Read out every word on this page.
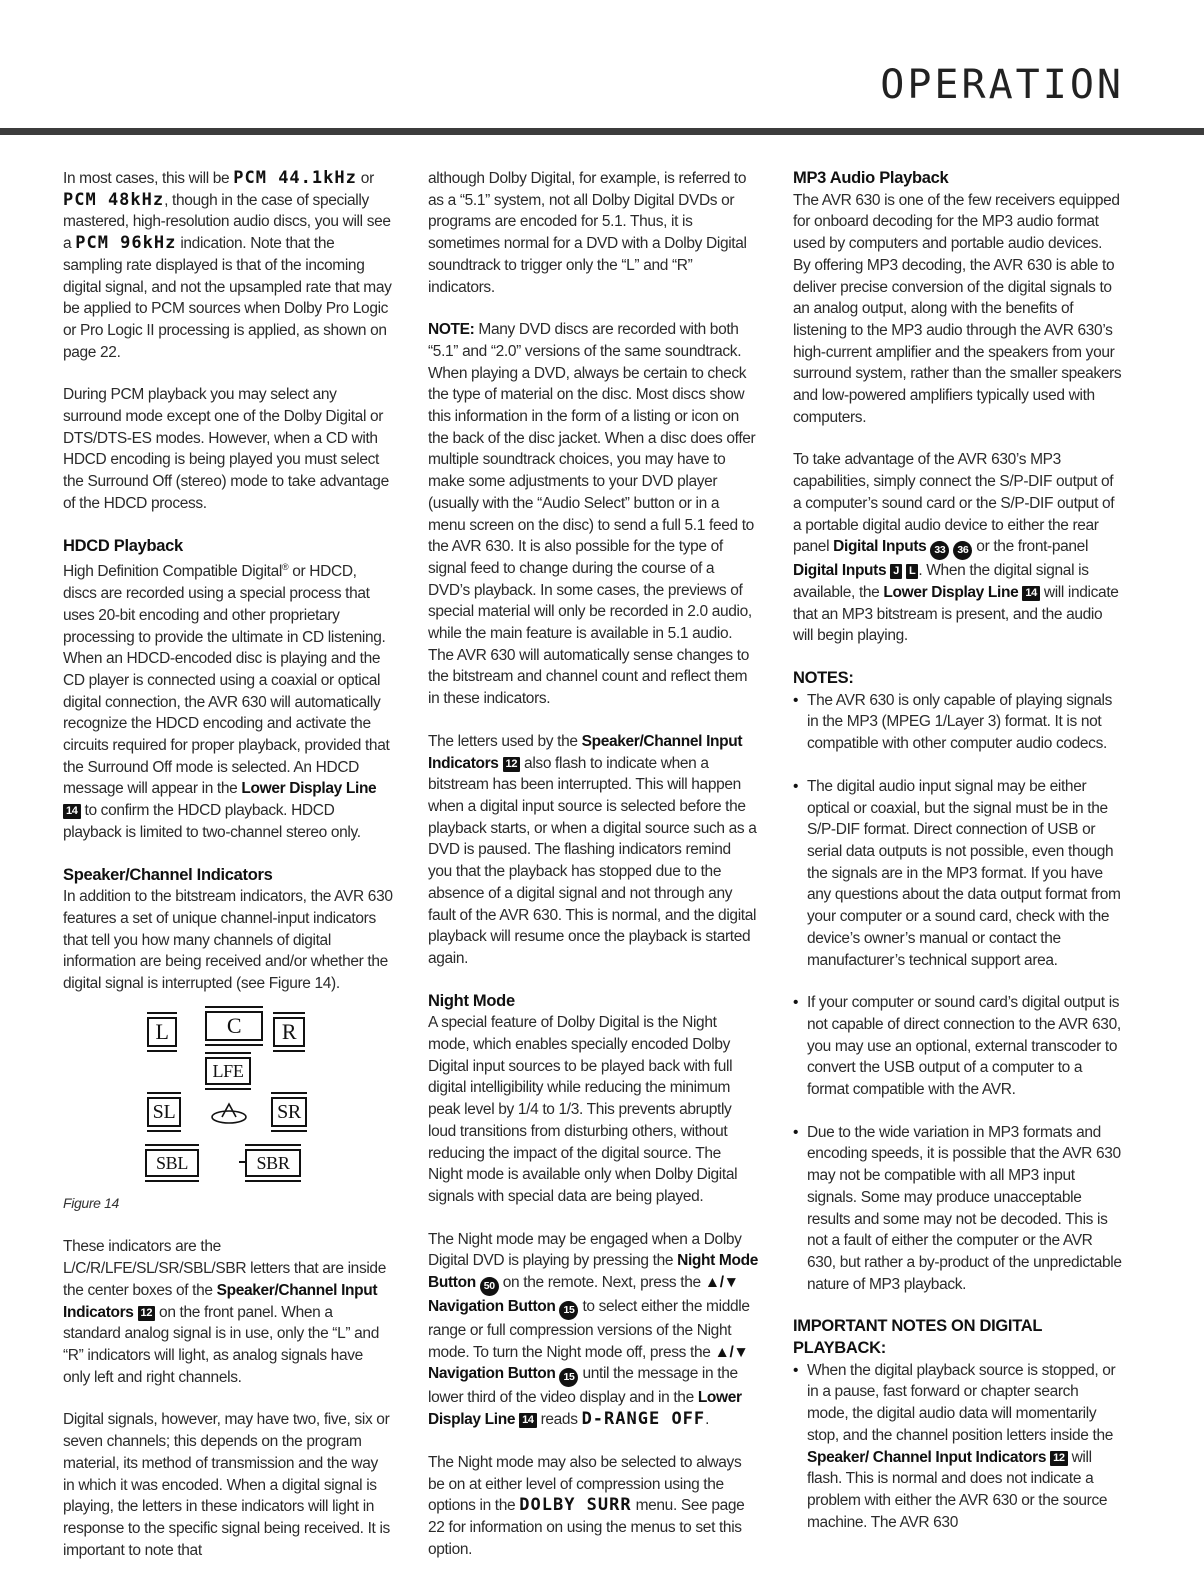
OPERATION

In most cases, this will be PCM 44.1kHz or PCM 48kHz, though in the case of specially mastered, high-resolution audio discs, you will see a PCM 96kHz indication. Note that the sampling rate displayed is that of the incoming digital signal, and not the upsampled rate that may be applied to PCM sources when Dolby Pro Logic or Pro Logic II processing is applied, as shown on page 22.

During PCM playback you may select any surround mode except one of the Dolby Digital or DTS/DTS-ES modes. However, when a CD with HDCD encoding is being played you must select the Surround Off (stereo) mode to take advantage of the HDCD process.

HDCD Playback

High Definition Compatible Digital® or HDCD, discs are recorded using a special process that uses 20-bit encoding and other proprietary processing to provide the ultimate in CD listening. When an HDCD-encoded disc is playing and the CD player is connected using a coaxial or optical digital connection, the AVR 630 will automatically recognize the HDCD encoding and activate the circuits required for proper playback, provided that the Surround Off mode is selected. An HDCD message will appear in the Lower Display Line 14 to confirm the HDCD playback. HDCD playback is limited to two-channel stereo only.

Speaker/Channel Indicators

In addition to the bitstream indicators, the AVR 630 features a set of unique channel-input indicators that tell you how many channels of digital information are being received and/or whether the digital signal is interrupted (see Figure 14).

L	C	R
LFE
SL	SR
SBL	SBR
Figure 14

These indicators are the L/C/R/LFE/SL/SR/SBL/SBR letters that are inside the center boxes of the Speaker/Channel Input Indicators 12 on the front panel. When a standard analog signal is in use, only the “L” and “R” indicators will light, as analog signals have only left and right channels.

Digital signals, however, may have two, five, six or seven channels; this depends on the program material, its method of transmission and the way in which it was encoded. When a digital signal is playing, the letters in these indicators will light in response to the specific signal being received. It is important to note that

although Dolby Digital, for example, is referred to as a “5.1” system, not all Dolby Digital DVDs or programs are encoded for 5.1. Thus, it is sometimes normal for a DVD with a Dolby Digital soundtrack to trigger only the “L” and “R” indicators.

NOTE: Many DVD discs are recorded with both “5.1” and “2.0” versions of the same soundtrack. When playing a DVD, always be certain to check the type of material on the disc. Most discs show this information in the form of a listing or icon on the back of the disc jacket. When a disc does offer multiple soundtrack choices, you may have to make some adjustments to your DVD player (usually with the “Audio Select” button or in a menu screen on the disc) to send a full 5.1 feed to the AVR 630. It is also possible for the type of signal feed to change during the course of a DVD’s playback. In some cases, the previews of special material will only be recorded in 2.0 audio, while the main feature is available in 5.1 audio. The AVR 630 will automatically sense changes to the bitstream and channel count and reflect them in these indicators.

The letters used by the Speaker/Channel Input Indicators 12 also flash to indicate when a bitstream has been interrupted. This will happen when a digital input source is selected before the playback starts, or when a digital source such as a DVD is paused. The flashing indicators remind you that the playback has stopped due to the absence of a digital signal and not through any fault of the AVR 630. This is normal, and the digital playback will resume once the playback is started again.

Night Mode

A special feature of Dolby Digital is the Night mode, which enables specially encoded Dolby Digital input sources to be played back with full digital intelligibility while reducing the minimum peak level by 1/4 to 1/3. This prevents abruptly loud transitions from disturbing others, without reducing the impact of the digital source. The Night mode is available only when Dolby Digital signals with special data are being played.

The Night mode may be engaged when a Dolby Digital DVD is playing by pressing the Night Mode Button 50 on the remote. Next, press the ▲/▼ Navigation Button 15 to select either the middle range or full compression versions of the Night mode. To turn the Night mode off, press the ▲/▼ Navigation Button 15 until the message in the lower third of the video display and in the Lower Display Line 14 reads D-RANGE OFF.

The Night mode may also be selected to always be on at either level of compression using the options in the DOLBY SURR menu. See page 22 for information on using the menus to set this option.

MP3 Audio Playback

The AVR 630 is one of the few receivers equipped for onboard decoding for the MP3 audio format used by computers and portable audio devices. By offering MP3 decoding, the AVR 630 is able to deliver precise conversion of the digital signals to an analog output, along with the benefits of listening to the MP3 audio through the AVR 630’s high-current amplifier and the speakers from your surround system, rather than the smaller speakers and low-powered amplifiers typically used with computers.

To take advantage of the AVR 630’s MP3 capabilities, simply connect the S/P-DIF output of a computer’s sound card or the S/P-DIF output of a portable digital audio device to either the rear panel Digital Inputs 33 36 or the front-panel Digital Inputs J L . When the digital signal is available, the Lower Display Line 14 will indicate that an MP3 bitstream is present, and the audio will begin playing.

NOTES:
• The AVR 630 is only capable of playing signals in the MP3 (MPEG 1/Layer 3) format. It is not compatible with other computer audio codecs.
• The digital audio input signal may be either optical or coaxial, but the signal must be in the S/P-DIF format. Direct connection of USB or serial data outputs is not possible, even though the signals are in the MP3 format. If you have any questions about the data output format from your computer or a sound card, check with the device’s owner’s manual or contact the manufacturer’s technical support area.
• If your computer or sound card’s digital output is not capable of direct connection to the AVR 630, you may use an optional, external transcoder to convert the USB output of a computer to a format compatible with the AVR.
• Due to the wide variation in MP3 formats and encoding speeds, it is possible that the AVR 630 may not be compatible with all MP3 input signals. Some may produce unacceptable results and some may not be decoded. This is not a fault of either the computer or the AVR 630, but rather a by-product of the unpredictable nature of MP3 playback.
IMPORTANT NOTES ON DIGITAL PLAYBACK:
• When the digital playback source is stopped, or in a pause, fast forward or chapter search mode, the digital audio data will momentarily stop, and the channel position letters inside the Speaker/ Channel Input Indicators 12 will flash. This is normal and does not indicate a problem with either the AVR 630 or the source machine. The AVR 630
